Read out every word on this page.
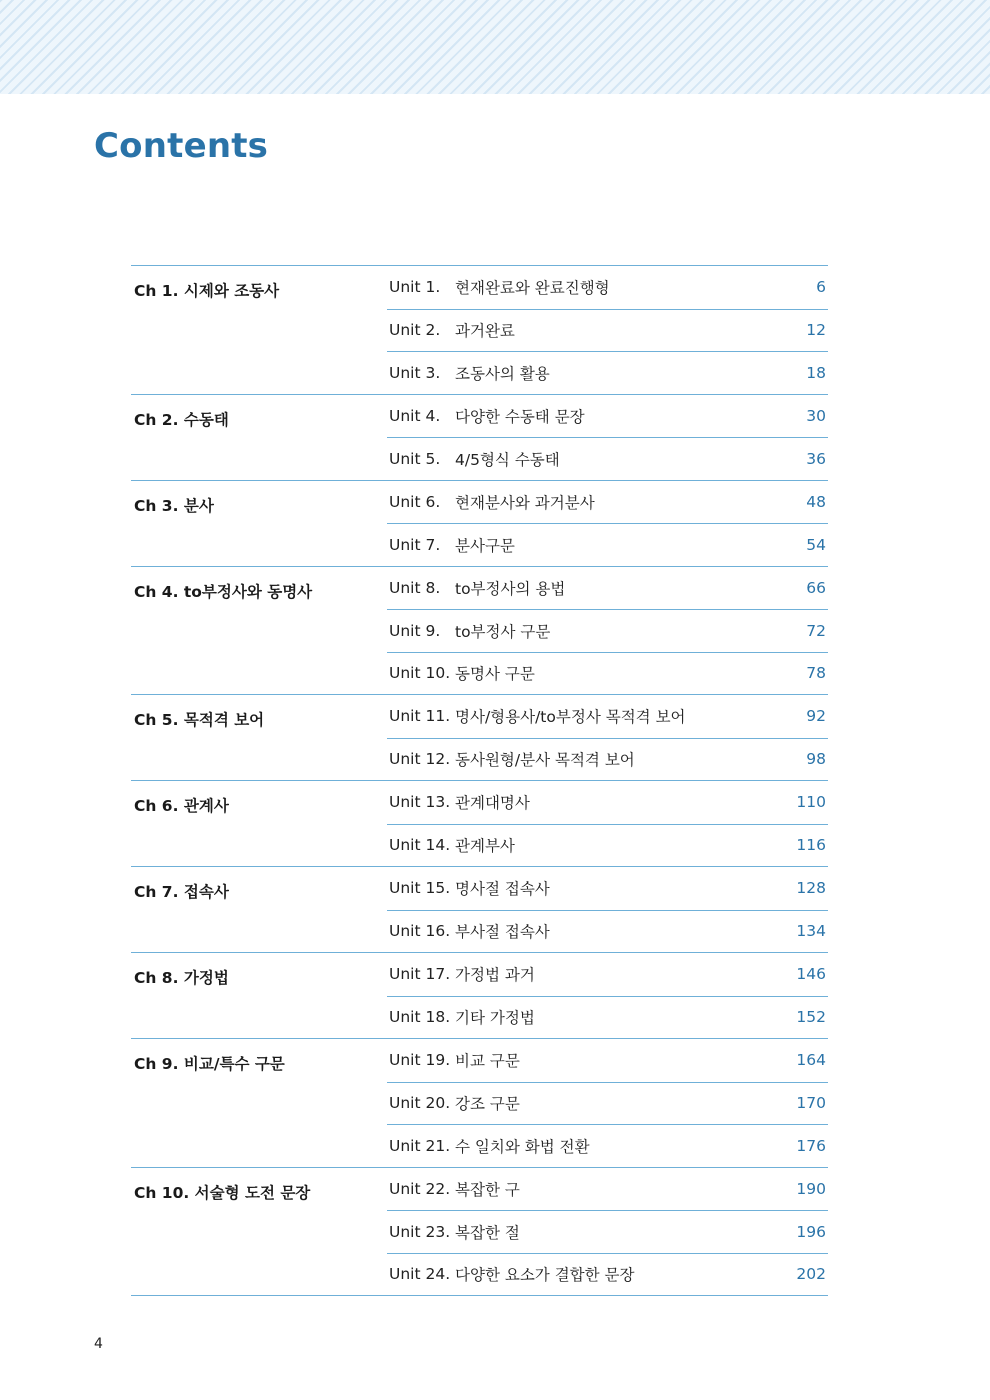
Contents
Ch 1. 시제와 조동사	Unit 1. 현재완료와 완료진행형	6
Unit 2. 과거완료	12
Unit 3. 조동사의 활용	18
Ch 2. 수동태	Unit 4. 다양한 수동태 문장	30
Unit 5. 4/5형식 수동태	36
Ch 3. 분사	Unit 6. 현재분사와 과거분사	48
Unit 7. 분사구문	54
Ch 4. to부정사와 동명사	Unit 8. to부정사의 용법	66
Unit 9. to부정사 구문	72
Unit 10. 동명사 구문	78
Ch 5. 목적격 보어	Unit 11. 명사/형용사/to부정사 목적격 보어	92
Unit 12. 동사원형/분사 목적격 보어	98
Ch 6. 관계사	Unit 13. 관계대명사	110
Unit 14. 관계부사	116
Ch 7. 접속사	Unit 15. 명사절 접속사	128
Unit 16. 부사절 접속사	134
Ch 8. 가정법	Unit 17. 가정법 과거	146
Unit 18. 기타 가정법	152
Ch 9. 비교/특수 구문	Unit 19. 비교 구문	164
Unit 20. 강조 구문	170
Unit 21. 수 일치와 화법 전환	176
Ch 10. 서술형 도전 문장	Unit 22. 복잡한 구	190
Unit 23. 복잡한 절	196
Unit 24. 다양한 요소가 결합한 문장	202
4
